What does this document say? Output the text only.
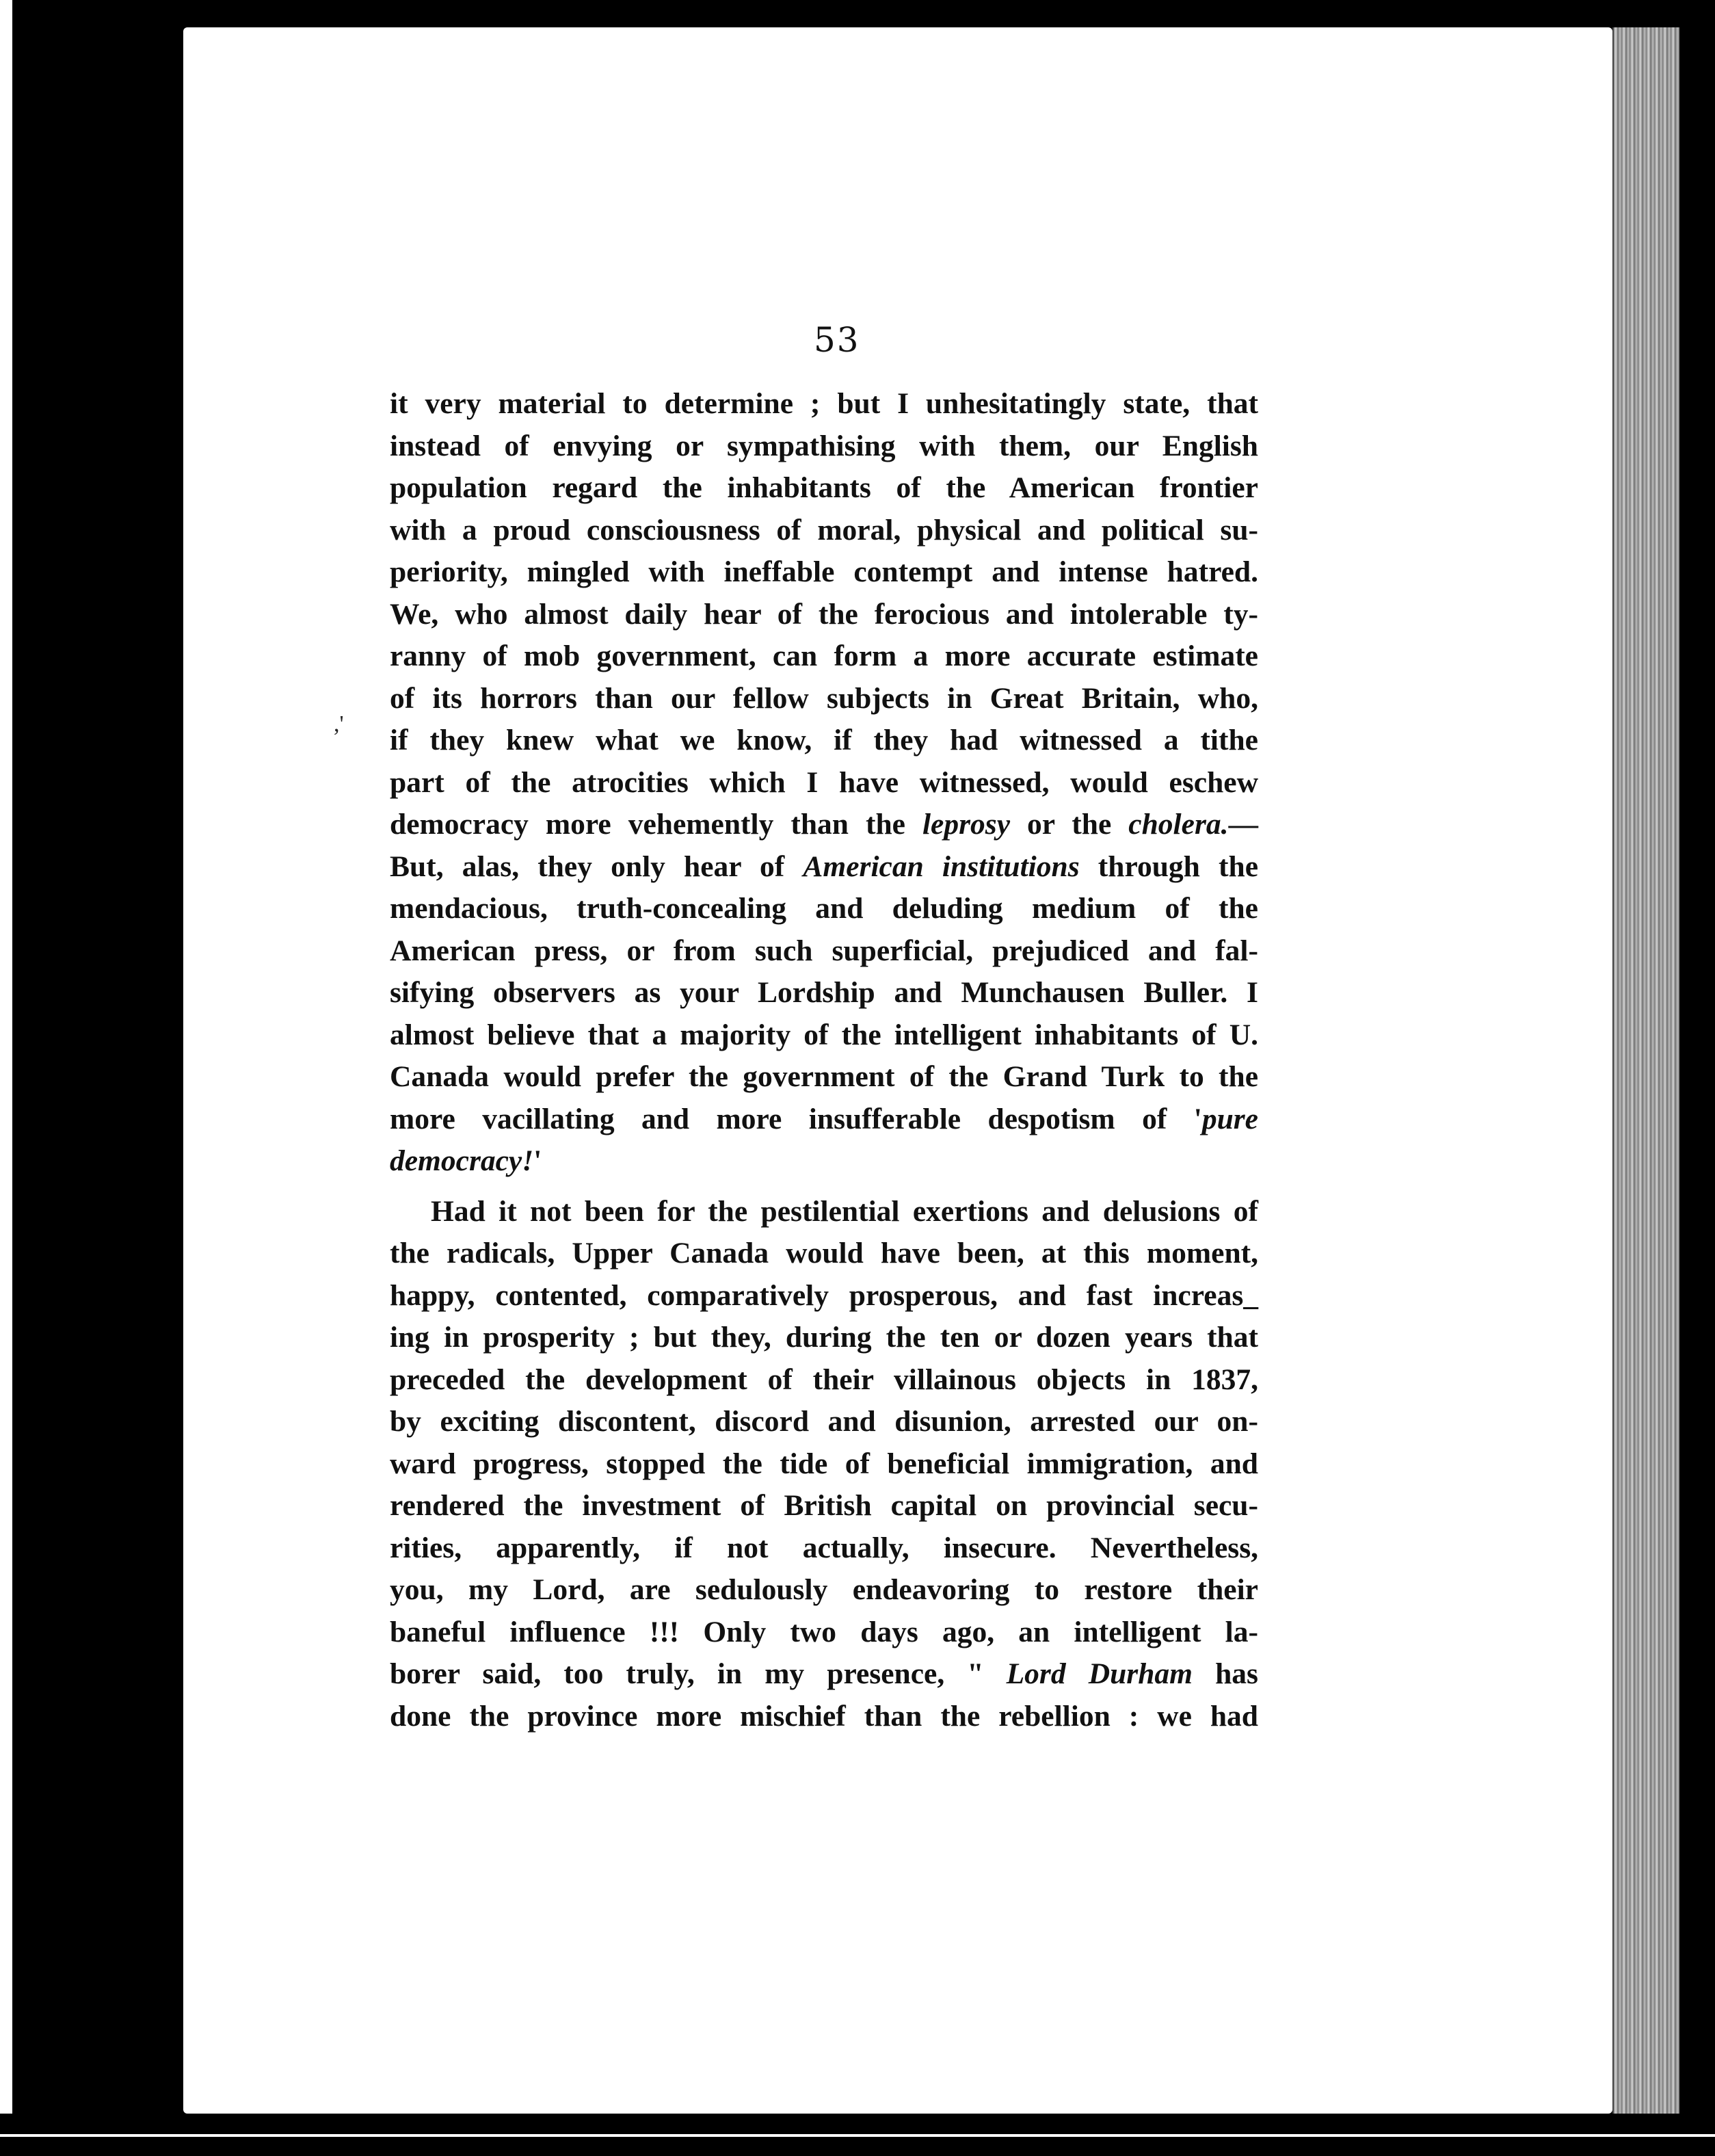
53
,'
it very material to determine ; but I unhesitatingly state, that
instead of envying or sympathising with them, our English
population regard the inhabitants of the American frontier
with a proud consciousness of moral, physical and political su-
periority, mingled with ineffable contempt and intense hatred.
We, who almost daily hear of the ferocious and intolerable ty-
ranny of mob government, can form a more accurate estimate
of its horrors than our fellow subjects in Great Britain, who,
if they knew what we know, if they had witnessed a tithe
part of the atrocities which I have witnessed, would eschew
democracy more vehemently than the leprosy or the cholera.—
But, alas, they only hear of American institutions through the
mendacious, truth-concealing and deluding medium of the
American press, or from such superficial, prejudiced and fal-
sifying observers as your Lordship and Munchausen Buller. I
almost believe that a majority of the intelligent inhabitants of U.
Canada would prefer the government of the Grand Turk to the
more vacillating and more insufferable despotism of 'pure
democracy!'
Had it not been for the pestilential exertions and delusions of
the radicals, Upper Canada would have been, at this moment,
happy, contented, comparatively prosperous, and fast increas_
ing in prosperity ; but they, during the ten or dozen years that
preceded the development of their villainous objects in 1837,
by exciting discontent, discord and disunion, arrested our on-
ward progress, stopped the tide of beneficial immigration, and
rendered the investment of British capital on provincial secu-
rities, apparently, if not actually, insecure. Nevertheless,
you, my Lord, are sedulously endeavoring to restore their
baneful influence !!! Only two days ago, an intelligent la-
borer said, too truly, in my presence, " Lord Durham has
done the province more mischief than the rebellion : we had
